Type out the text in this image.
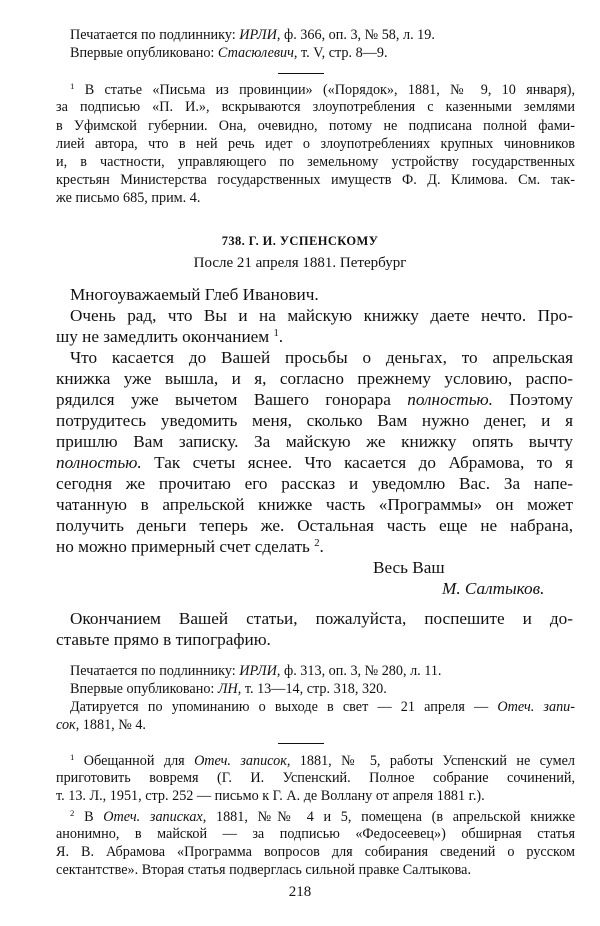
Печатается по подлиннику: ИРЛИ, ф. 366, оп. 3, № 58, л. 19.
Впервые опубликовано: Стасюлевич, т. V, стр. 8—9.
$^1$ В статье «Письма из провинции» («Порядок», 1881, № 9, 10 января),
за подписью «П. И.», вскрываются злоупотребления с казенными землями
в Уфимской губернии. Она, очевидно, потому не подписана полной фами-
лией автора, что в ней речь идет о злоупотреблениях крупных чиновников
и, в частности, управляющего по земельному устройству государственных
крестьян Министерства государственных имуществ Ф. Д. Климова. См. так-
же письмо 685, прим. 4.
738. Г. И. УСПЕНСКОМУ
После 21 апреля 1881. Петербург
Многоуважаемый Глеб Иванович.
Очень рад, что Вы и на майскую книжку даете нечто. Про-
шу не замедлить окончанием $^1$.
Что касается до Вашей просьбы о деньгах, то апрельская
книжка уже вышла, и я, согласно прежнему условию, распо-
рядился уже вычетом Вашего гонорара полностью. Поэтому
потрудитесь уведомить меня, сколько Вам нужно денег, и я
пришлю Вам записку. За майскую же книжку опять вычту
полностью. Так счеты яснее. Что касается до Абрамова, то я
сегодня же прочитаю его рассказ и уведомлю Вас. За напе-
чатанную в апрельской книжке часть «Программы» он может
получить деньги теперь же. Остальная часть еще не набрана,
но можно примерный счет сделать $^2$.
Весь Ваш
М. Салтыков.
Окончанием Вашей статьи, пожалуйста, поспешите и до-
ставьте прямо в типографию.
Печатается по подлиннику: ИРЛИ, ф. 313, оп. 3, № 280, л. 11.
Впервые опубликовано: ЛН, т. 13—14, стр. 318, 320.
Датируется по упоминанию о выходе в свет — 21 апреля — Отеч. запи-
сок, 1881, № 4.
$^1$ Обещанной для Отеч. записок, 1881, № 5, работы Успенский не сумел
приготовить вовремя (Г. И. Успенский. Полное собрание сочинений,
т. 13. Л., 1951, стр. 252 — письмо к Г. А. де Воллану от апреля 1881 г.).
$^2$ В Отеч. записках, 1881, №№ 4 и 5, помещена (в апрельской книжке
анонимно, в майской — за подписью «Федосеевец») обширная статья
Я. В. Абрамова «Программа вопросов для собирания сведений о русском
сектантстве». Вторая статья подверглась сильной правке Салтыкова.
218
